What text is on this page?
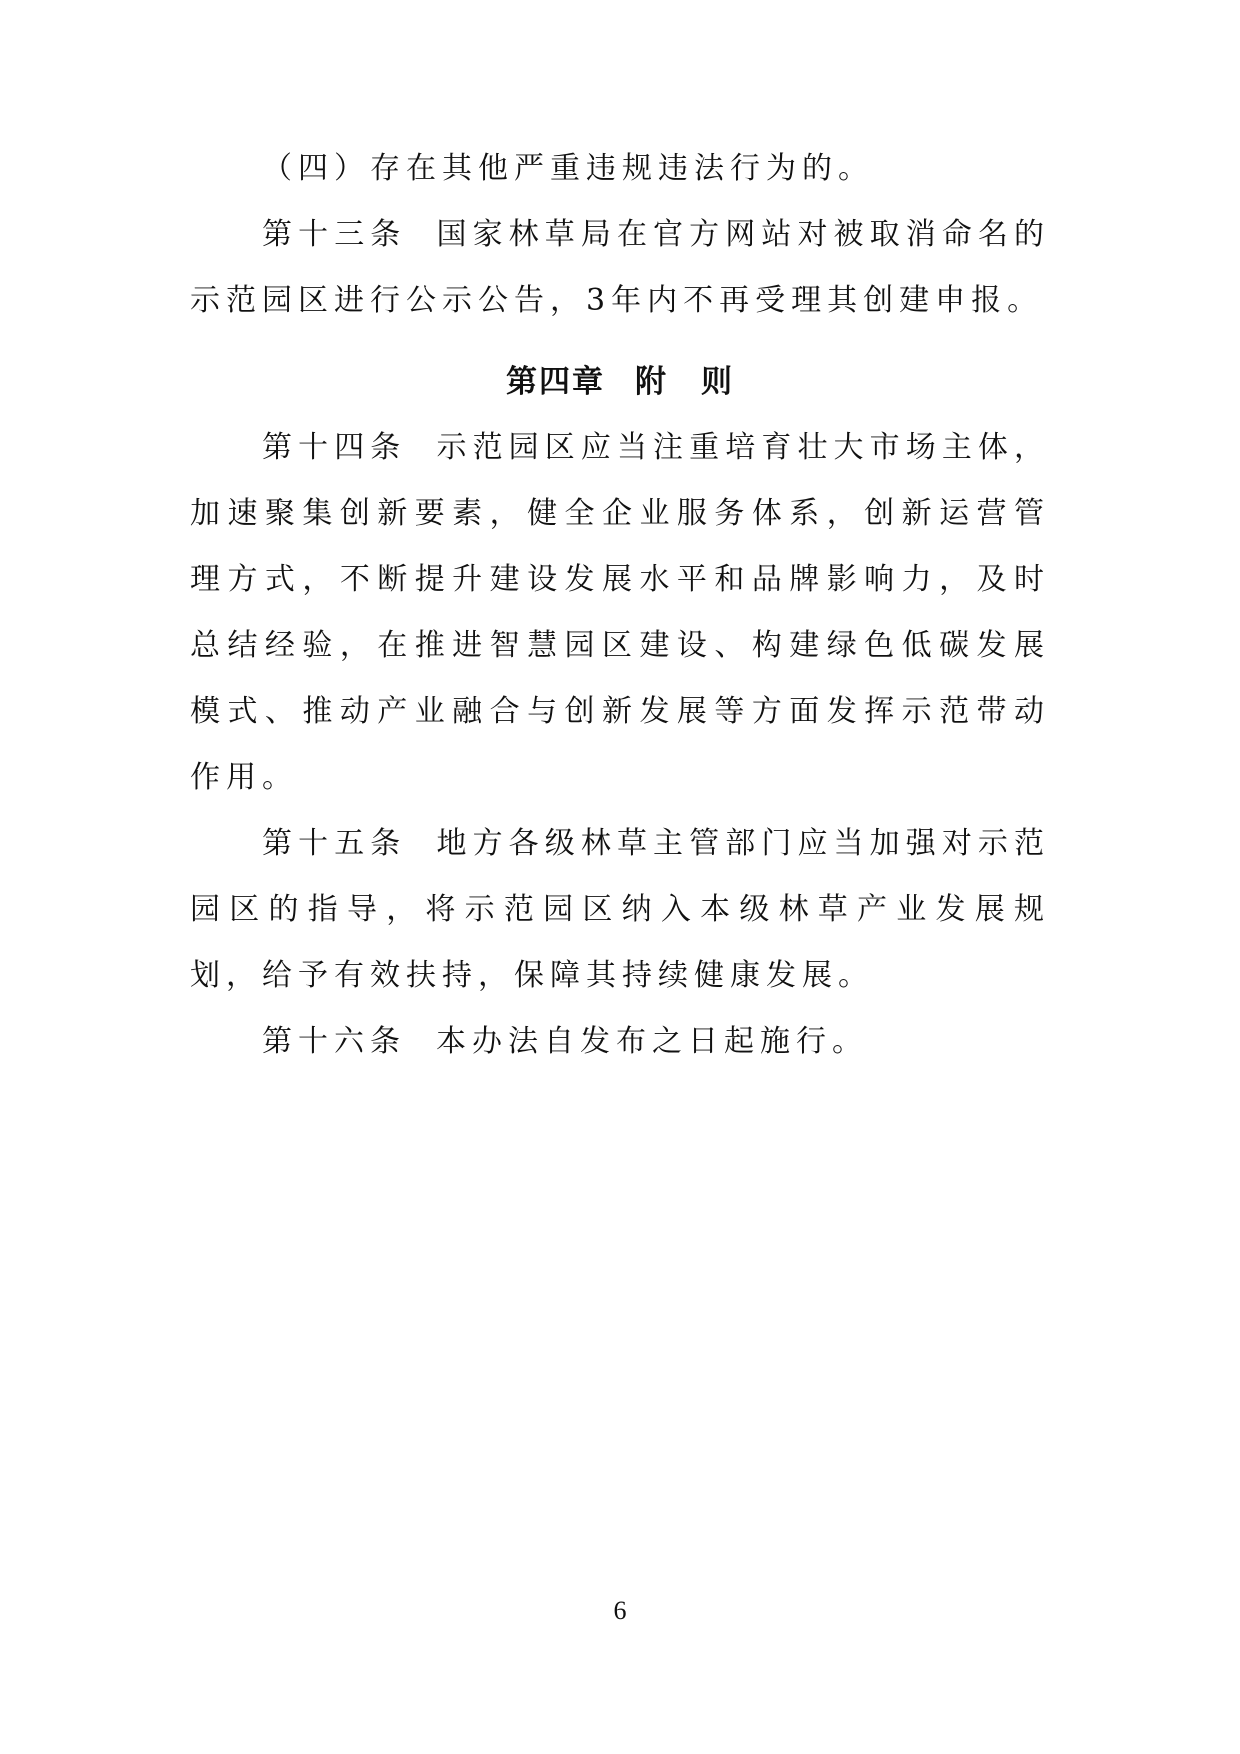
（四）存在其他严重违规违法行为的。

第十三条 国家林草局在官方网站对被取消命名的示范园区进行公示公告，3年内不再受理其创建申报。

第四章 附　则

第十四条 示范园区应当注重培育壮大市场主体，加速聚集创新要素，健全企业服务体系，创新运营管理方式，不断提升建设发展水平和品牌影响力，及时总结经验，在推进智慧园区建设、构建绿色低碳发展模式、推动产业融合与创新发展等方面发挥示范带动作用。

第十五条 地方各级林草主管部门应当加强对示范园区的指导，将示范园区纳入本级林草产业发展规划，给予有效扶持，保障其持续健康发展。

第十六条 本办法自发布之日起施行。

6
